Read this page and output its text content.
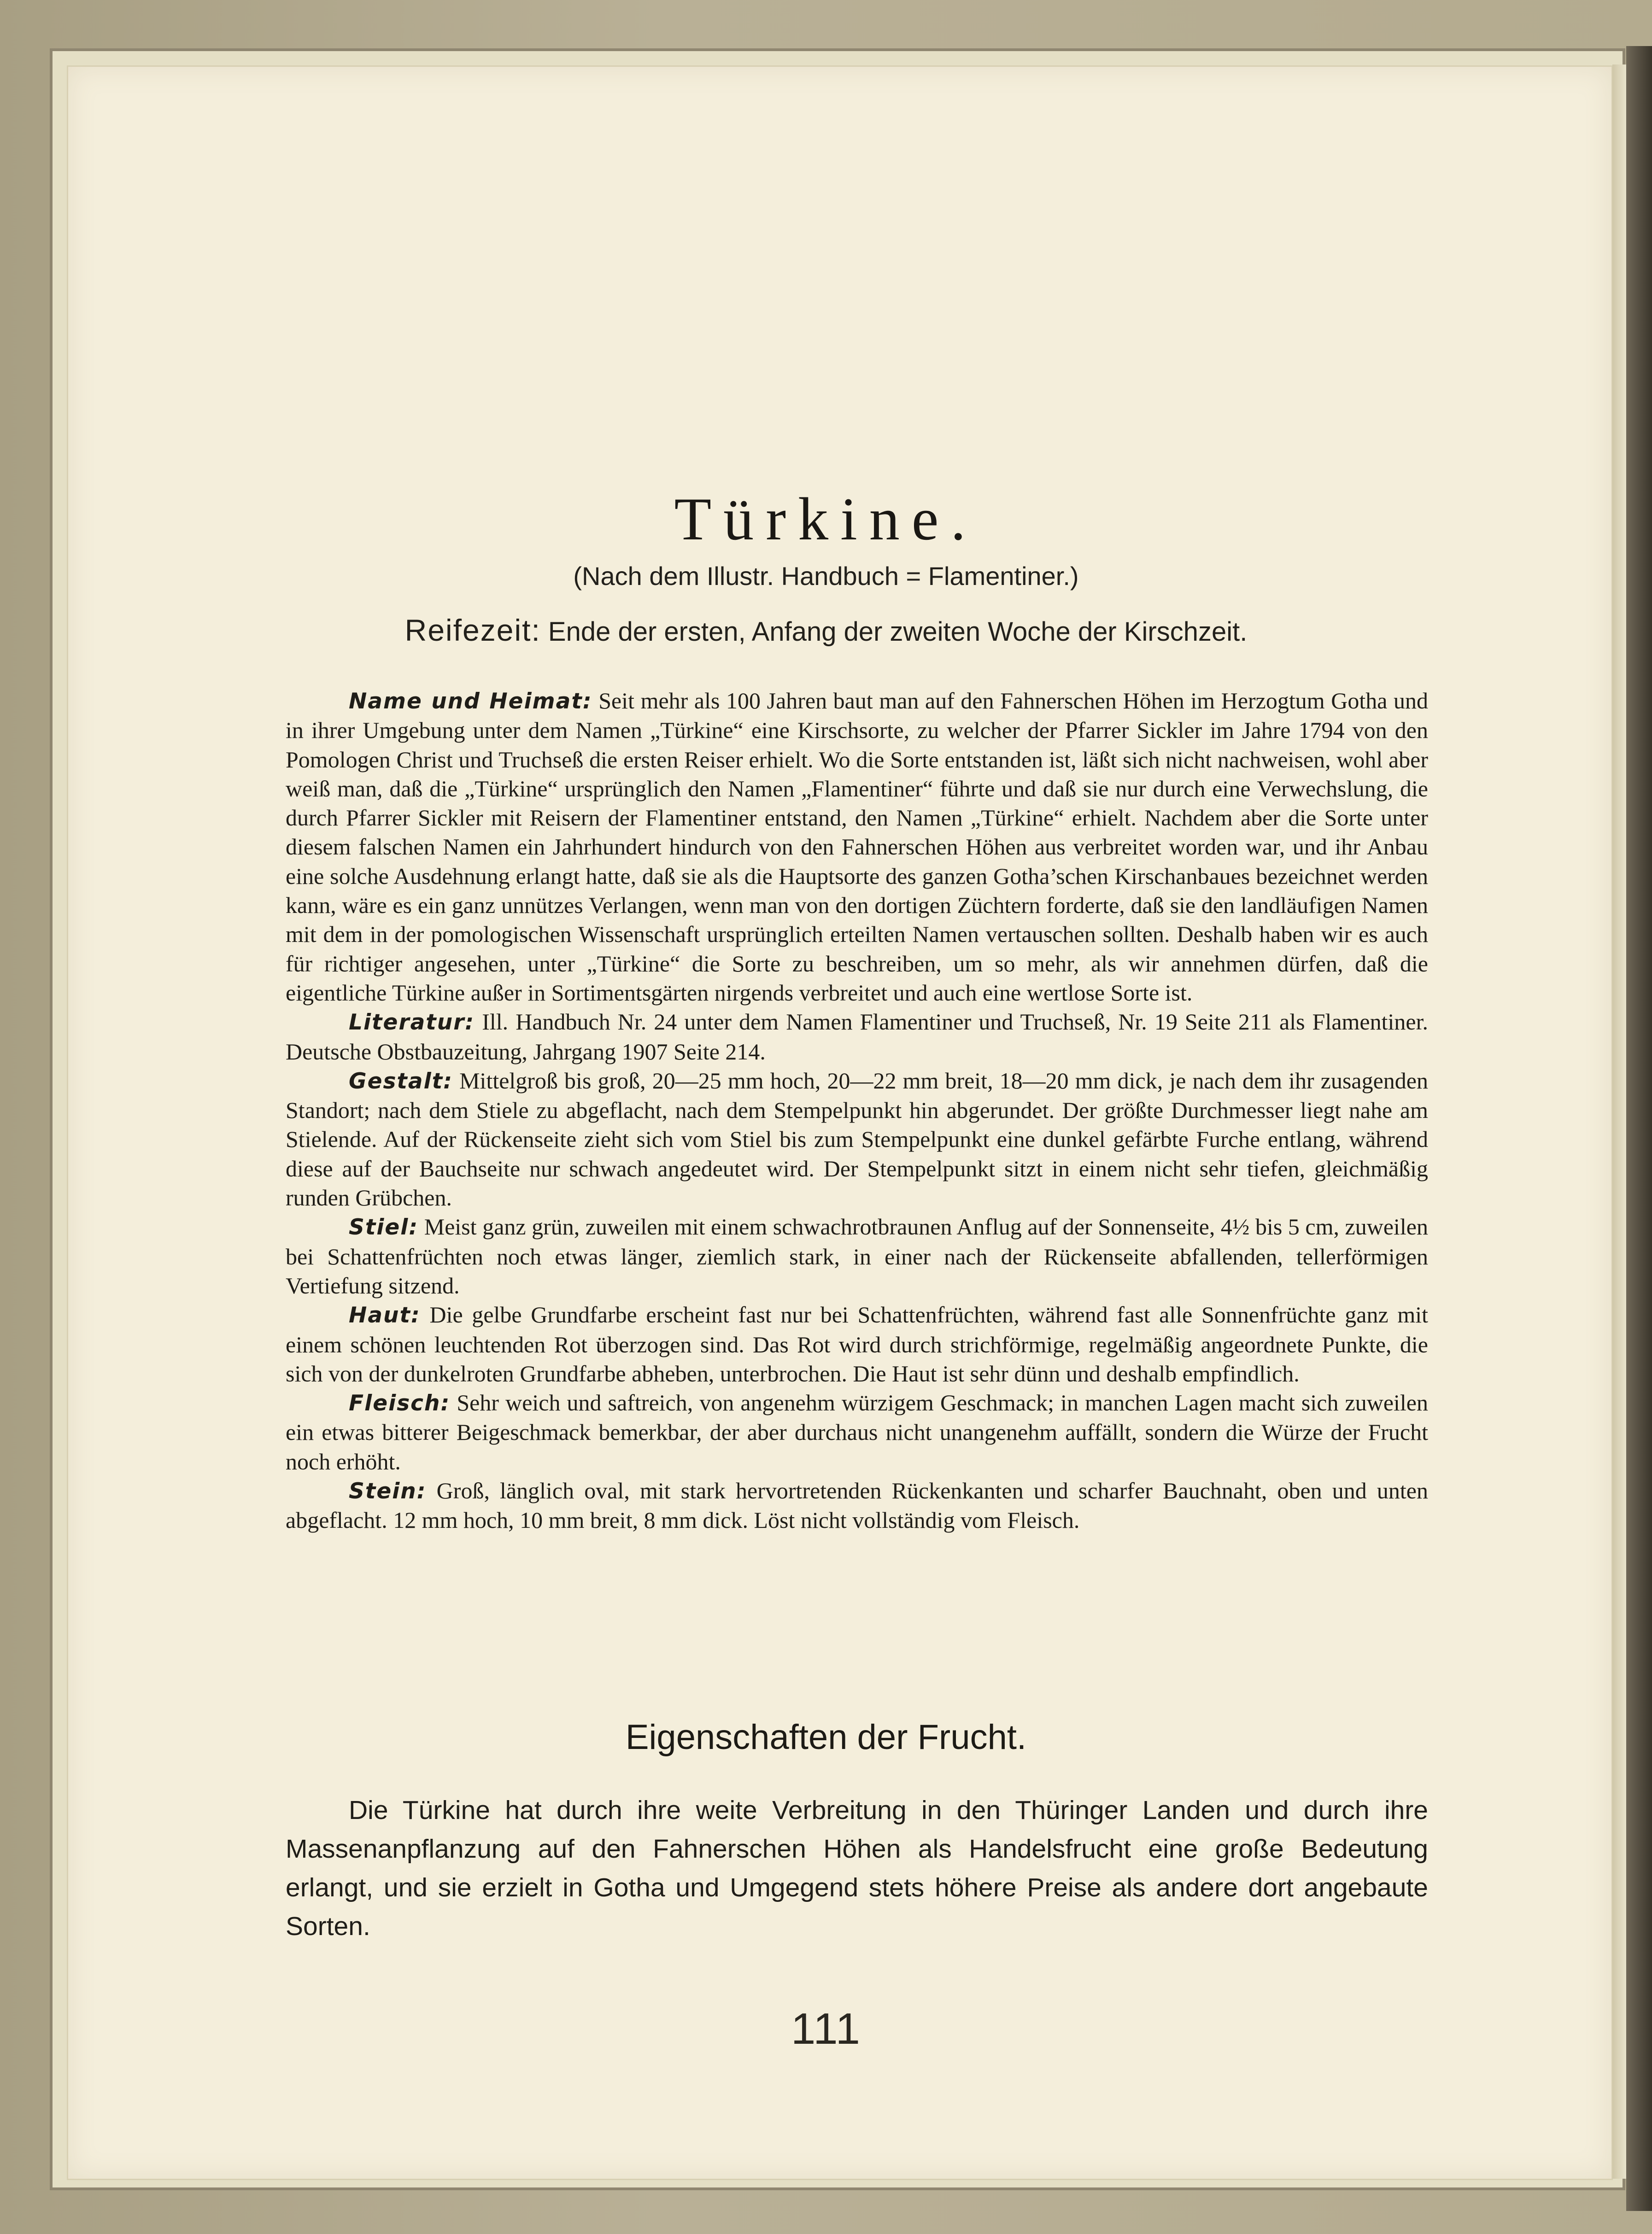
Türkine.

(Nach dem Illustr. Handbuch = Flamentiner.)

Reifezeit: Ende der ersten, Anfang der zweiten Woche der Kirschzeit.

Name und Heimat: Seit mehr als 100 Jahren baut man auf den Fahnerschen Höhen im Herzogtum Gotha und in ihrer Umgebung unter dem Namen „Türkine“ eine Kirschsorte, zu welcher der Pfarrer Sickler im Jahre 1794 von den Pomologen Christ und Truchseß die ersten Reiser erhielt. Wo die Sorte entstanden ist, läßt sich nicht nachweisen, wohl aber weiß man, daß die „Türkine“ ursprünglich den Namen „Flamentiner“ führte und daß sie nur durch eine Verwechslung, die durch Pfarrer Sickler mit Reisern der Flamentiner entstand, den Namen „Türkine“ erhielt. Nachdem aber die Sorte unter diesem falschen Namen ein Jahrhundert hindurch von den Fahnerschen Höhen aus verbreitet worden war, und ihr Anbau eine solche Ausdehnung erlangt hatte, daß sie als die Hauptsorte des ganzen Gotha’schen Kirschanbaues bezeichnet werden kann, wäre es ein ganz unnützes Verlangen, wenn man von den dortigen Züchtern forderte, daß sie den landläufigen Namen mit dem in der pomologischen Wissenschaft ursprünglich erteilten Namen vertauschen sollten. Deshalb haben wir es auch für richtiger angesehen, unter „Türkine“ die Sorte zu beschreiben, um so mehr, als wir annehmen dürfen, daß die eigentliche Türkine außer in Sortimentsgärten nirgends verbreitet und auch eine wertlose Sorte ist.

Literatur: Ill. Handbuch Nr. 24 unter dem Namen Flamentiner und Truchseß, Nr. 19 Seite 211 als Flamentiner. Deutsche Obstbauzeitung, Jahrgang 1907 Seite 214.

Gestalt: Mittelgroß bis groß, 20—25 mm hoch, 20—22 mm breit, 18—20 mm dick, je nach dem ihr zusagenden Standort; nach dem Stiele zu abgeflacht, nach dem Stempelpunkt hin abgerundet. Der größte Durchmesser liegt nahe am Stielende. Auf der Rückenseite zieht sich vom Stiel bis zum Stempelpunkt eine dunkel gefärbte Furche entlang, während diese auf der Bauchseite nur schwach angedeutet wird. Der Stempelpunkt sitzt in einem nicht sehr tiefen, gleichmäßig runden Grübchen.

Stiel: Meist ganz grün, zuweilen mit einem schwachrotbraunen Anflug auf der Sonnenseite, 4½ bis 5 cm, zuweilen bei Schattenfrüchten noch etwas länger, ziemlich stark, in einer nach der Rückenseite abfallenden, tellerförmigen Vertiefung sitzend.

Haut: Die gelbe Grundfarbe erscheint fast nur bei Schattenfrüchten, während fast alle Sonnenfrüchte ganz mit einem schönen leuchtenden Rot überzogen sind. Das Rot wird durch strichförmige, regelmäßig angeordnete Punkte, die sich von der dunkelroten Grundfarbe abheben, unterbrochen. Die Haut ist sehr dünn und deshalb empfindlich.

Fleisch: Sehr weich und saftreich, von angenehm würzigem Geschmack; in manchen Lagen macht sich zuweilen ein etwas bitterer Beigeschmack bemerkbar, der aber durchaus nicht unangenehm auffällt, sondern die Würze der Frucht noch erhöht.

Stein: Groß, länglich oval, mit stark hervortretenden Rückenkanten und scharfer Bauchnaht, oben und unten abgeflacht. 12 mm hoch, 10 mm breit, 8 mm dick. Löst nicht vollständig vom Fleisch.

Eigenschaften der Frucht.

Die Türkine hat durch ihre weite Verbreitung in den Thüringer Landen und durch ihre Massenanpflanzung auf den Fahnerschen Höhen als Handelsfrucht eine große Bedeutung erlangt, und sie erzielt in Gotha und Umgegend stets höhere Preise als andere dort angebaute Sorten.

111
